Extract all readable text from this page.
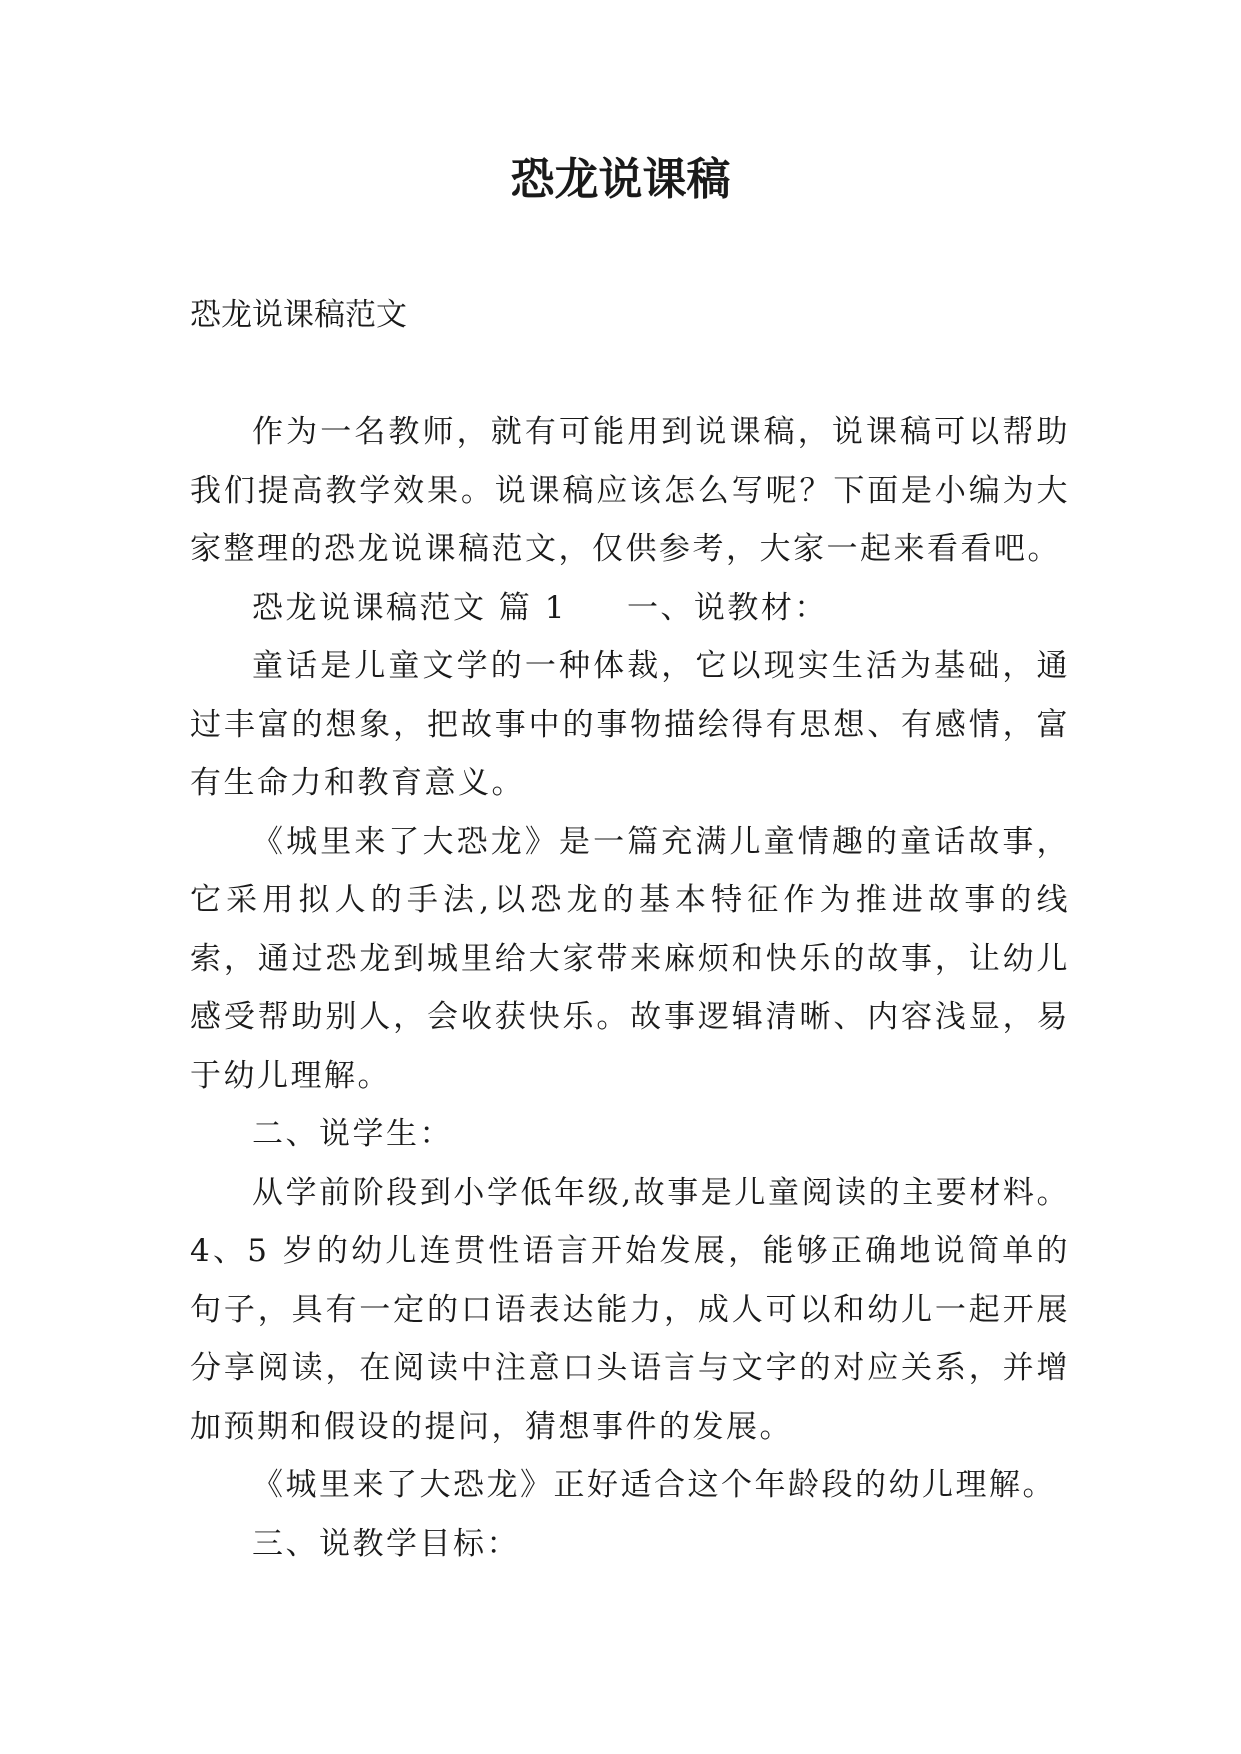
恐龙说课稿
恐龙说课稿范文

作为一名教师，就有可能用到说课稿，说课稿可以帮助我们提高教学效果。说课稿应该怎么写呢？下面是小编为大家整理的恐龙说课稿范文，仅供参考，大家一起来看看吧。

恐龙说课稿范文 篇 1 一、说教材：

童话是儿童文学的一种体裁，它以现实生活为基础，通过丰富的想象，把故事中的事物描绘得有思想、有感情，富有生命力和教育意义。

《城里来了大恐龙》是一篇充满儿童情趣的童话故事，它采用拟人的手法,以恐龙的基本特征作为推进故事的线索，通过恐龙到城里给大家带来麻烦和快乐的故事，让幼儿感受帮助别人，会收获快乐。故事逻辑清晰、内容浅显，易于幼儿理解。

二、说学生：

从学前阶段到小学低年级,故事是儿童阅读的主要材料。4、5 岁的幼儿连贯性语言开始发展，能够正确地说简单的句子，具有一定的口语表达能力，成人可以和幼儿一起开展分享阅读，在阅读中注意口头语言与文字的对应关系，并增加预期和假设的提问，猜想事件的发展。

《城里来了大恐龙》正好适合这个年龄段的幼儿理解。

三、说教学目标：
